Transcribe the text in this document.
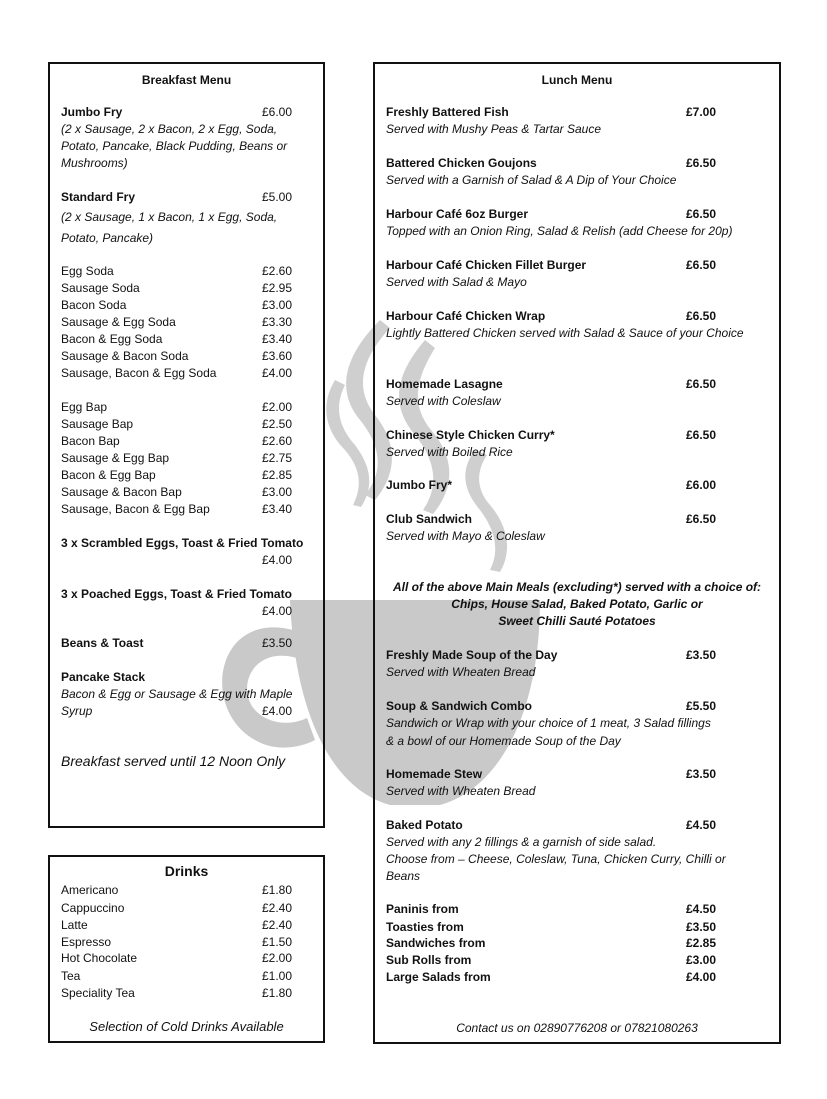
Breakfast Menu
Jumbo Fry	£6.00
(2 x Sausage, 2 x Bacon, 2 x Egg, Soda,
Potato, Pancake, Black Pudding, Beans or
Mushrooms)
Standard Fry	£5.00
(2 x Sausage, 1 x Bacon, 1 x Egg, Soda,
Potato, Pancake)
Egg Soda	£2.60
Sausage Soda	£2.95
Bacon Soda	£3.00
Sausage & Egg Soda	£3.30
Bacon & Egg Soda	£3.40
Sausage & Bacon Soda	£3.60
Sausage, Bacon & Egg Soda	£4.00
Egg Bap	£2.00
Sausage Bap	£2.50
Bacon Bap	£2.60
Sausage & Egg Bap	£2.75
Bacon & Egg Bap	£2.85
Sausage & Bacon Bap	£3.00
Sausage, Bacon & Egg Bap	£3.40
3 x Scrambled Eggs, Toast & Fried Tomato
£4.00
3 x Poached Eggs, Toast & Fried Tomato
£4.00
Beans & Toast	£3.50
Pancake Stack
Bacon & Egg or Sausage & Egg with Maple
Syrup	£4.00
Breakfast served until 12 Noon Only
Drinks
Americano	£1.80
Cappuccino	£2.40
Latte	£2.40
Espresso	£1.50
Hot Chocolate	£2.00
Tea	£1.00
Speciality Tea	£1.80
Selection of Cold Drinks Available
Lunch Menu
Freshly Battered Fish	£7.00
Served with Mushy Peas & Tartar Sauce
Battered Chicken Goujons	£6.50
Served with a Garnish of Salad & A Dip of Your Choice
Harbour Café 6oz Burger	£6.50
Topped with an Onion Ring, Salad & Relish (add Cheese for 20p)
Harbour Café Chicken Fillet Burger	£6.50
Served with Salad & Mayo
Harbour Café Chicken Wrap	£6.50
Lightly Battered Chicken served with Salad & Sauce of your Choice
Homemade Lasagne	£6.50
Served with Coleslaw
Chinese Style Chicken Curry*	£6.50
Served with Boiled Rice
Jumbo Fry*	£6.00
Club Sandwich	£6.50
Served with Mayo & Coleslaw
All of the above Main Meals (excluding*) served with a choice of:
Chips, House Salad, Baked Potato, Garlic or
Sweet Chilli Sauté Potatoes
Freshly Made Soup of the Day	£3.50
Served with Wheaten Bread
Soup & Sandwich Combo	£5.50
Sandwich or Wrap with your choice of 1 meat, 3 Salad fillings
& a bowl of our Homemade Soup of the Day
Homemade Stew	£3.50
Served with Wheaten Bread
Baked Potato	£4.50
Served with any 2 fillings & a garnish of side salad.
Choose from – Cheese, Coleslaw, Tuna, Chicken Curry, Chilli or
Beans
Paninis from	£4.50
Toasties from	£3.50
Sandwiches from	£2.85
Sub Rolls from	£3.00
Large Salads from	£4.00
Contact us on 02890776208 or 07821080263
